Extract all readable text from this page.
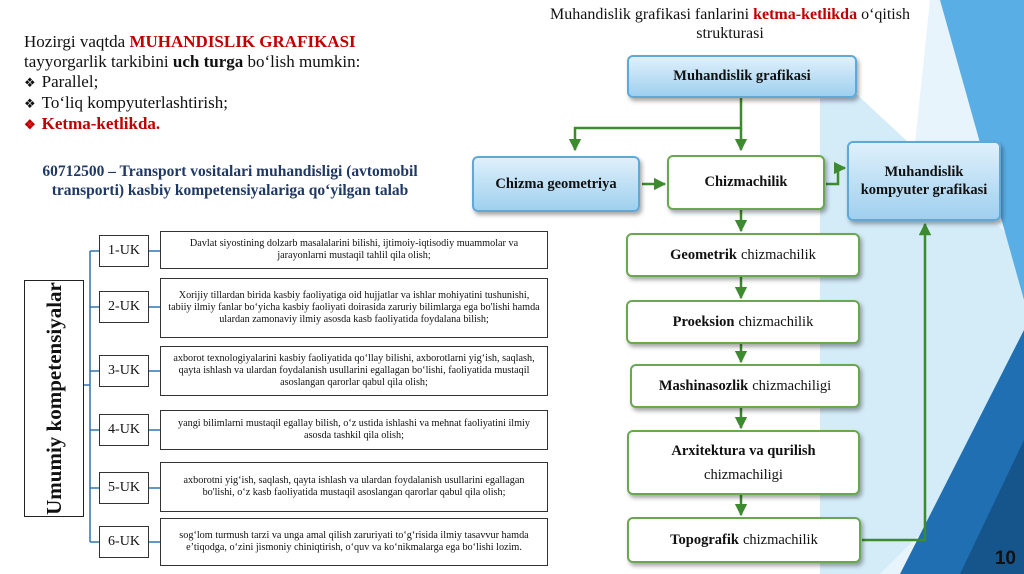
Hozirgi vaqtda MUHANDISLIK GRAFIKASI
tayyorgarlik tarkibini uch turga bo‘lish mumkin:
❖ Parallel;
❖ To‘liq kompyuterlashtirish;
❖ Ketma-ketlikda.
60712500 – Transport vositalari muhandisligi (avtomobil transporti) kasbiy kompetensiyalariga qo‘yilgan talab
Umumiy kompetensiyalar
1-UK
2-UK
3-UK
4-UK
5-UK
6-UK
Davlat siyostining dolzarb masalalarini bilishi, ijtimoiy-iqtisodiy muammolar va jarayonlarni mustaqil tahlil qila olish;
Xorijiy tillardan birida kasbiy faoliyatiga oid hujjatlar va ishlar mohiyatini tushunishi, tabiiy ilmiy fanlar bo‘yicha kasbiy faoliyati doirasida zaruriy bilimlarga ega bo'lishi hamda ulardan zamonaviy ilmiy asosda kasb faoliyatida foydalana bilish;
axborot texnologiyalarini kasbiy faoliyatida qo‘llay bilishi, axborotlarni yig‘ish, saqlash, qayta ishlash va ulardan foydalanish usullarini egallagan bo‘lishi, faoliyatida mustaqil asoslangan qarorlar qabul qila olish;
yangi bilimlarni mustaqil egallay bilish, o‘z ustida ishlashi va mehnat faoliyatini ilmiy asosda tashkil qila olish;
axborotni yig‘ish, saqlash, qayta ishlash va ulardan foydalanish usullarini egallagan bo'lishi, o‘z kasb faoliyatida mustaqil asoslangan qarorlar qabul qila olish;
sog‘lom turmush tarzi va unga amal qilish zaruriyati to‘g‘risida ilmiy tasavvur hamda e’tiqodga, o‘zini jismoniy chiniqtirish, o‘quv va ko‘nikmalarga ega bo‘lishi lozim.
Muhandislik grafikasi fanlarini ketma-ketlikda o‘qitish
strukturasi
Muhandislik grafikasi
Chizma geometriya	Chizmachilik
Muhandislik kompyuter grafikasi
Geometrik chizmachilik
Proeksion chizmachilik
Mashinasozlik chizmachiligi
Arxitektura va qurilish
chizmachiligi
Topografik chizmachilik
10
